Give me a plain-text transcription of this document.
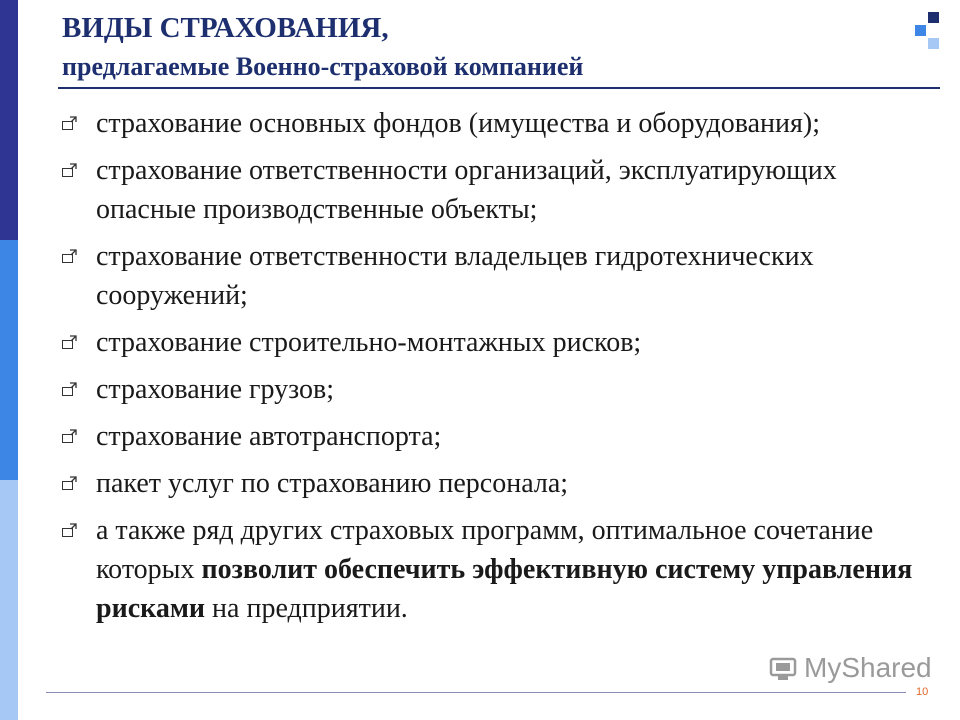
ВИДЫ СТРАХОВАНИЯ,
предлагаемые Военно-страховой компанией
страхование основных фондов (имущества и оборудования);
страхование ответственности организаций, эксплуатирующих опасные производственные объекты;
страхование ответственности владельцев гидротехнических сооружений;
страхование строительно-монтажных рисков;
страхование грузов;
страхование автотранспорта;
пакет услуг по страхованию персонала;
а также ряд других страховых программ, оптимальное сочетание которых позволит обеспечить эффективную систему управления рисками на предприятии.
MyShared
10
